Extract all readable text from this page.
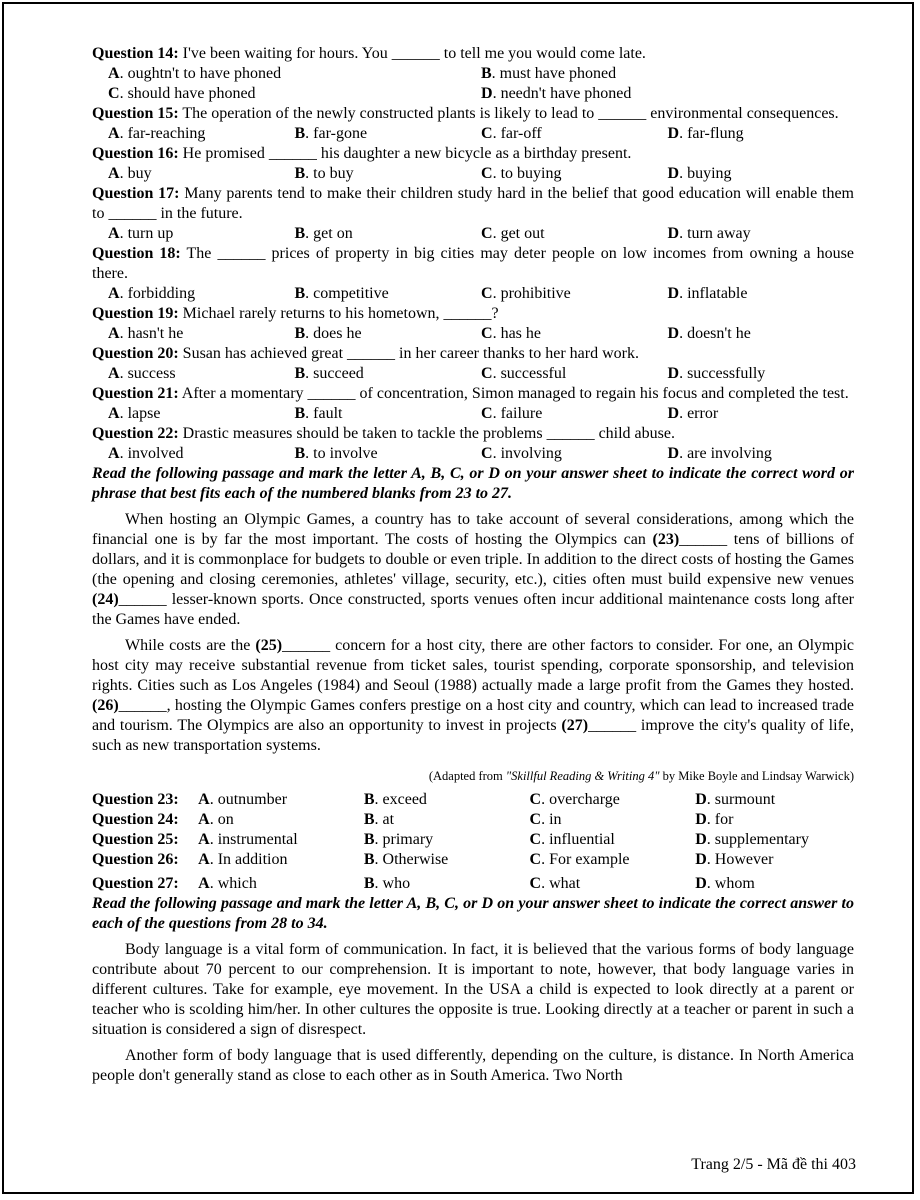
Question 14: I've been waiting for hours. You ______ to tell me you would come late.
A. oughtn't to have phoned	B. must have phoned
C. should have phoned	D. needn't have phoned
Question 15: The operation of the newly constructed plants is likely to lead to ______ environmental consequences.
A. far-reaching	B. far-gone	C. far-off	D. far-flung
Question 16: He promised ______ his daughter a new bicycle as a birthday present.
A. buy	B. to buy	C. to buying	D. buying
Question 17: Many parents tend to make their children study hard in the belief that good education will enable them to ______ in the future.
A. turn up	B. get on	C. get out	D. turn away
Question 18: The ______ prices of property in big cities may deter people on low incomes from owning a house there.
A. forbidding	B. competitive	C. prohibitive	D. inflatable
Question 19: Michael rarely returns to his hometown, ______?
A. hasn't he	B. does he	C. has he	D. doesn't he
Question 20: Susan has achieved great ______ in her career thanks to her hard work.
A. success	B. succeed	C. successful	D. successfully
Question 21: After a momentary ______ of concentration, Simon managed to regain his focus and completed the test.
A. lapse	B. fault	C. failure	D. error
Question 22: Drastic measures should be taken to tackle the problems ______ child abuse.
A. involved	B. to involve	C. involving	D. are involving
Read the following passage and mark the letter A, B, C, or D on your answer sheet to indicate the correct word or phrase that best fits each of the numbered blanks from 23 to 27.
When hosting an Olympic Games, a country has to take account of several considerations, among which the financial one is by far the most important. The costs of hosting the Olympics can (23)______ tens of billions of dollars, and it is commonplace for budgets to double or even triple. In addition to the direct costs of hosting the Games (the opening and closing ceremonies, athletes' village, security, etc.), cities often must build expensive new venues (24)______ lesser-known sports. Once constructed, sports venues often incur additional maintenance costs long after the Games have ended.
While costs are the (25)______ concern for a host city, there are other factors to consider. For one, an Olympic host city may receive substantial revenue from ticket sales, tourist spending, corporate sponsorship, and television rights. Cities such as Los Angeles (1984) and Seoul (1988) actually made a large profit from the Games they hosted. (26)______, hosting the Olympic Games confers prestige on a host city and country, which can lead to increased trade and tourism. The Olympics are also an opportunity to invest in projects (27)______ improve the city's quality of life, such as new transportation systems.
(Adapted from "Skillful Reading & Writing 4" by Mike Boyle and Lindsay Warwick)
Question 23:	A. outnumber	B. exceed	C. overcharge	D. surmount
Question 24:	A. on	B. at	C. in	D. for
Question 25:	A. instrumental	B. primary	C. influential	D. supplementary
Question 26:	A. In addition	B. Otherwise	C. For example	D. However
Question 27:	A. which	B. who	C. what	D. whom
Read the following passage and mark the letter A, B, C, or D on your answer sheet to indicate the correct answer to each of the questions from 28 to 34.
Body language is a vital form of communication. In fact, it is believed that the various forms of body language contribute about 70 percent to our comprehension. It is important to note, however, that body language varies in different cultures. Take for example, eye movement. In the USA a child is expected to look directly at a parent or teacher who is scolding him/her. In other cultures the opposite is true. Looking directly at a teacher or parent in such a situation is considered a sign of disrespect.
Another form of body language that is used differently, depending on the culture, is distance. In North America people don't generally stand as close to each other as in South America. Two North
Trang 2/5 - Mã đề thi 403
